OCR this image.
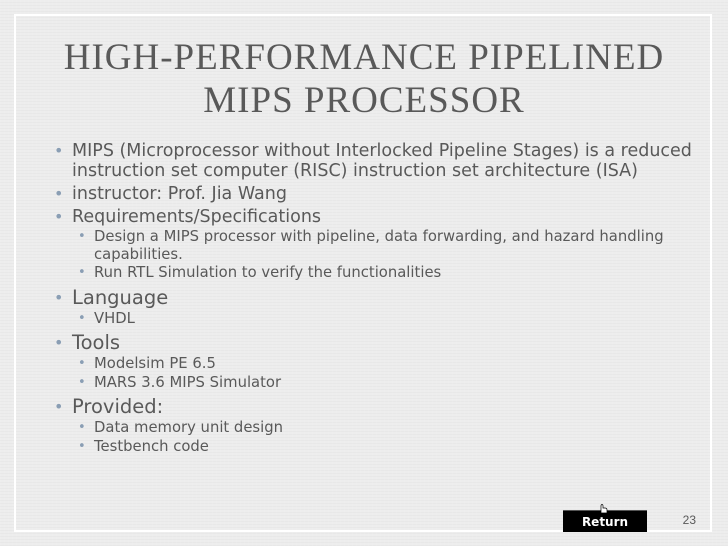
HIGH-PERFORMANCE PIPELINED
MIPS PROCESSOR
• MIPS (Microprocessor without Interlocked Pipeline Stages) is a reduced instruction set computer (RISC) instruction set architecture (ISA)
• instructor: Prof. Jia Wang
• Requirements/Specifications
• Design a MIPS processor with pipeline, data forwarding, and hazard handling capabilities.
• Run RTL Simulation to verify the functionalities
• Language
• VHDL
• Tools
• Modelsim PE 6.5
• MARS 3.6 MIPS Simulator
• Provided:
• Data memory unit design
• Testbench code
Return	23
